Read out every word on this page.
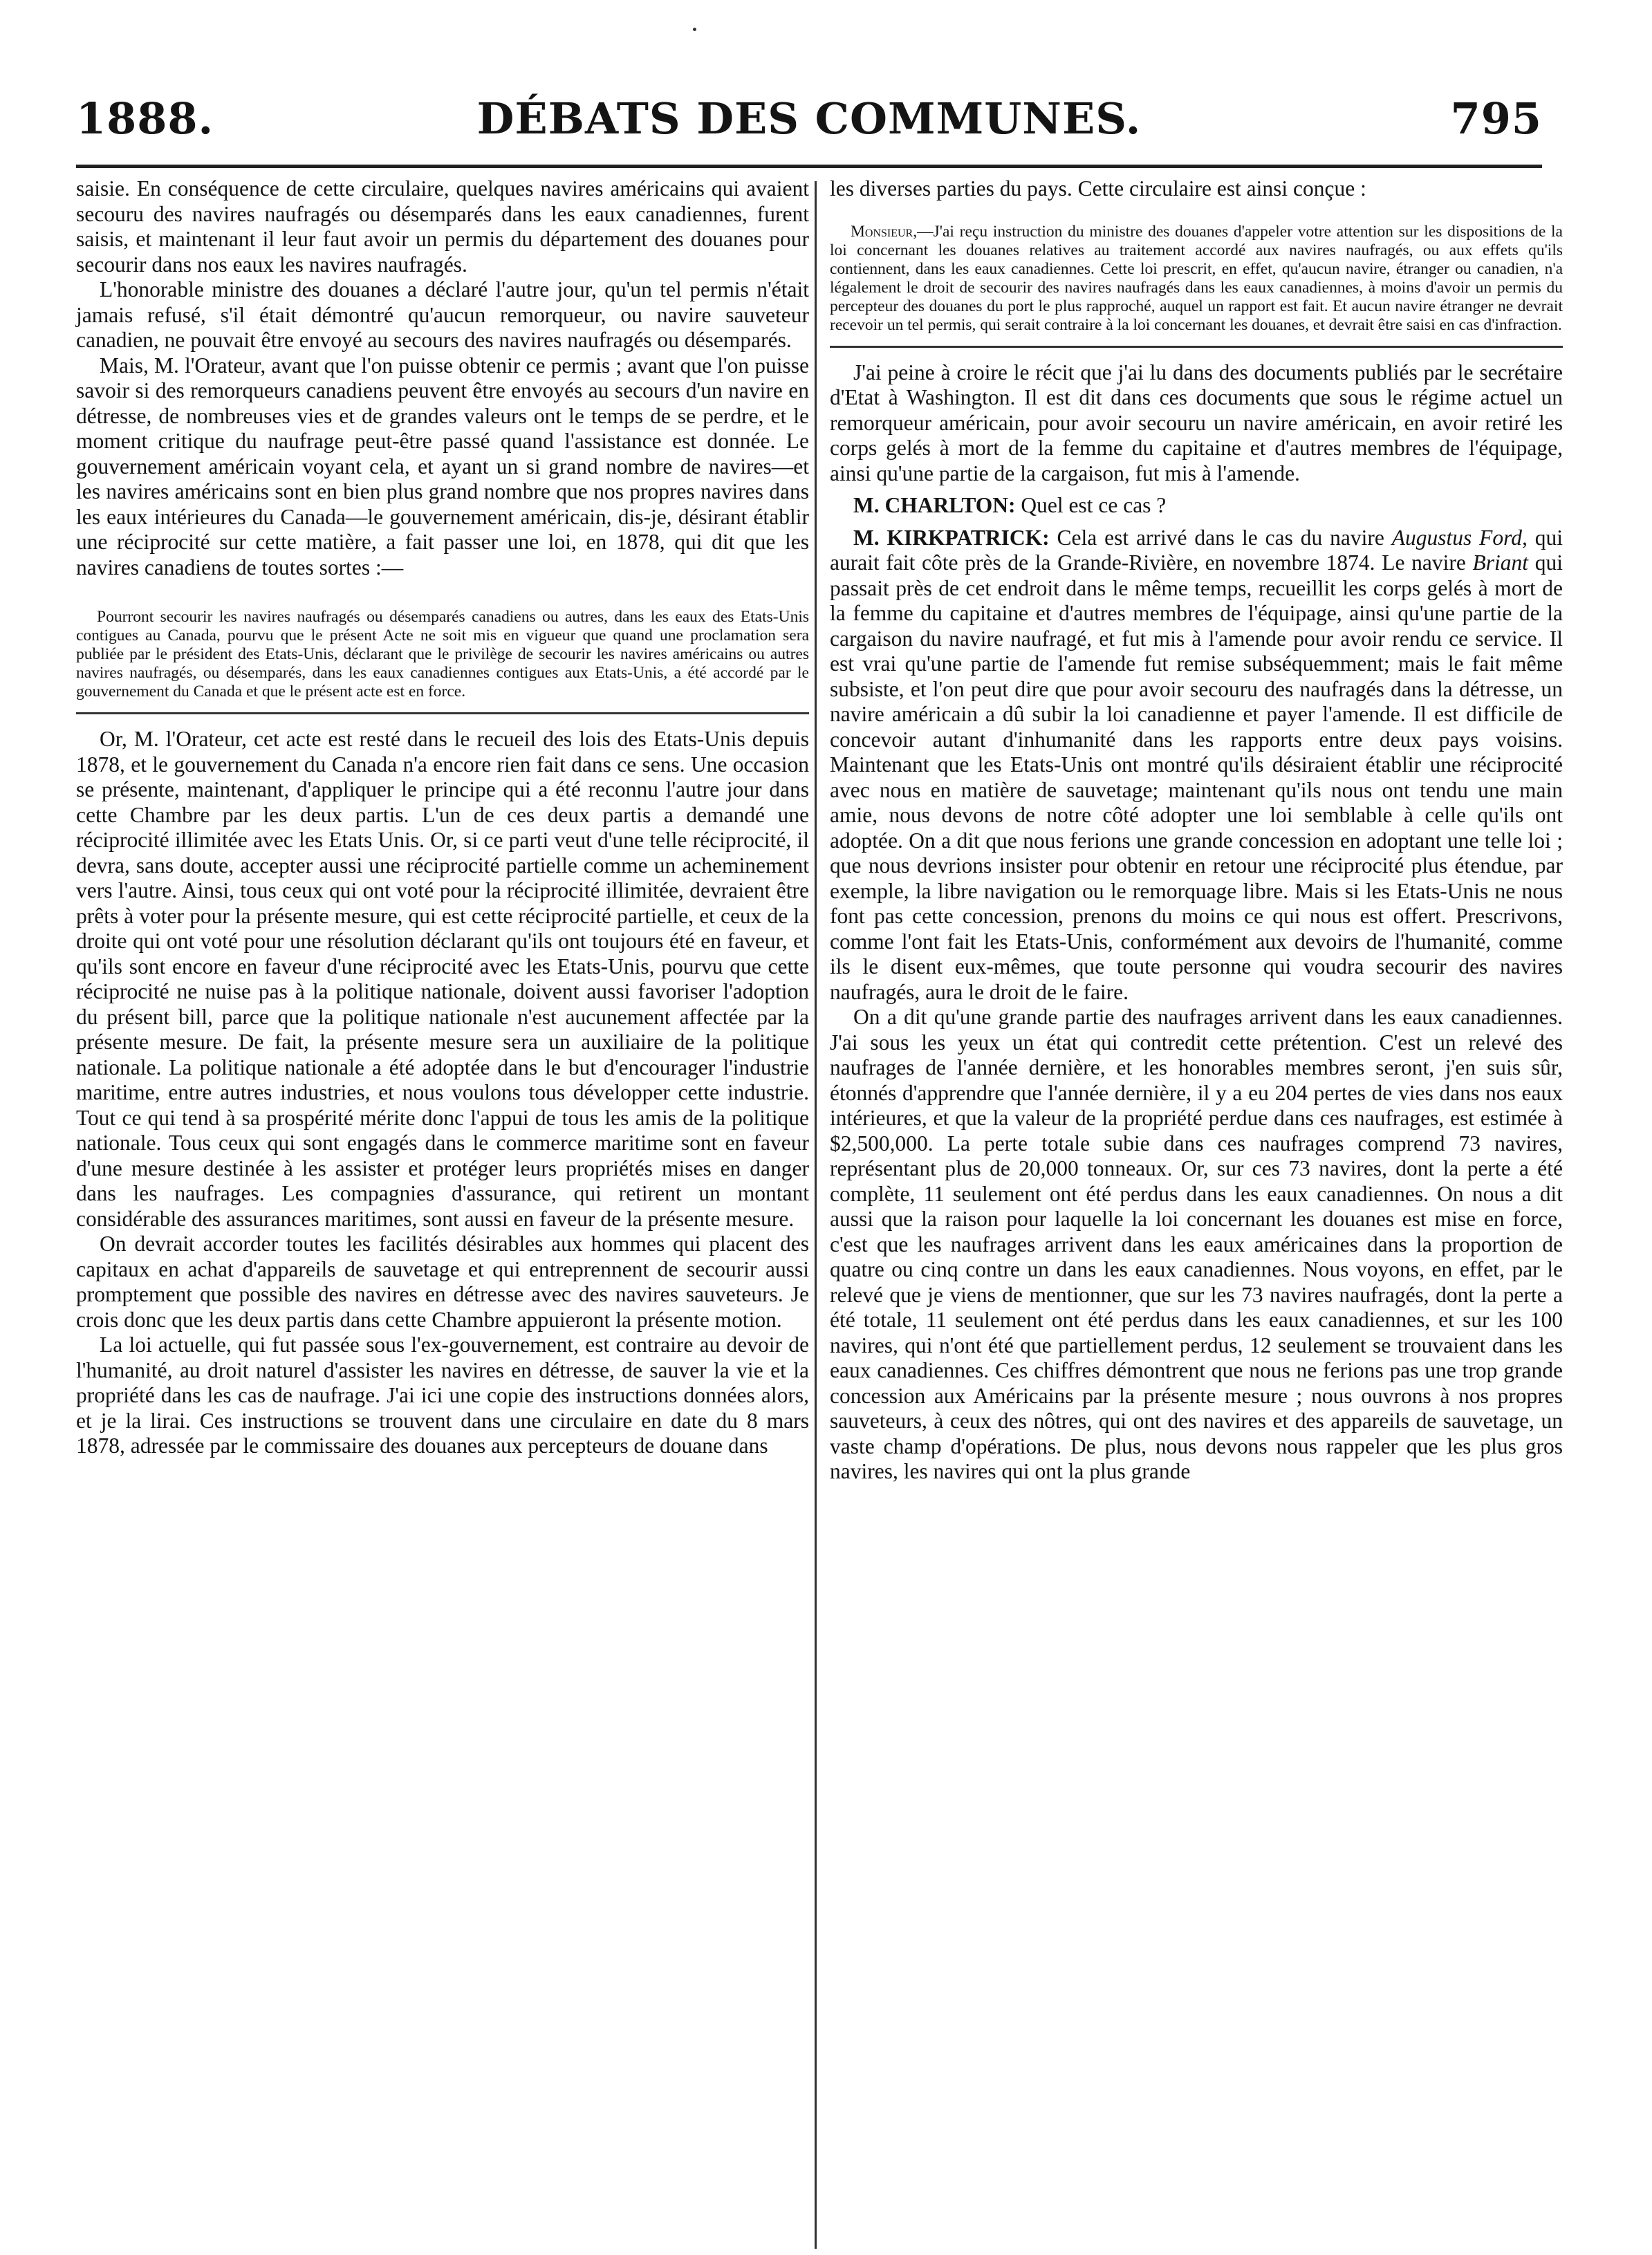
1888.	DÉBATS DES COMMUNES.	795

saisie. En conséquence de cette circulaire, quelques navires américains qui avaient secouru des navires naufragés ou désemparés dans les eaux canadiennes, furent saisis, et maintenant il leur faut avoir un permis du département des douanes pour secourir dans nos eaux les navires naufragés.

L'honorable ministre des douanes a déclaré l'autre jour, qu'un tel permis n'était jamais refusé, s'il était démontré qu'aucun remorqueur, ou navire sauveteur canadien, ne pouvait être envoyé au secours des navires naufragés ou désemparés.

Mais, M. l'Orateur, avant que l'on puisse obtenir ce permis ; avant que l'on puisse savoir si des remorqueurs canadiens peuvent être envoyés au secours d'un navire en détresse, de nombreuses vies et de grandes valeurs ont le temps de se perdre, et le moment critique du naufrage peut-être passé quand l'assistance est donnée. Le gouvernement américain voyant cela, et ayant un si grand nombre de navires—et les navires américains sont en bien plus grand nombre que nos propres navires dans les eaux intérieures du Canada—le gouvernement américain, dis-je, désirant établir une réciprocité sur cette matière, a fait passer une loi, en 1878, qui dit que les navires canadiens de toutes sortes :—

Pourront secourir les navires naufragés ou désemparés canadiens ou autres, dans les eaux des Etats-Unis contigues au Canada, pourvu que le présent Acte ne soit mis en vigueur que quand une proclamation sera publiée par le président des Etats-Unis, déclarant que le privilège de secourir les navires américains ou autres navires naufragés, ou désemparés, dans les eaux canadiennes contigues aux Etats-Unis, a été accordé par le gouvernement du Canada et que le présent acte est en force.

Or, M. l'Orateur, cet acte est resté dans le recueil des lois des Etats-Unis depuis 1878, et le gouvernement du Canada n'a encore rien fait dans ce sens. Une occasion se présente, maintenant, d'appliquer le principe qui a été reconnu l'autre jour dans cette Chambre par les deux partis. L'un de ces deux partis a demandé une réciprocité illimitée avec les Etats Unis. Or, si ce parti veut d'une telle réciprocité, il devra, sans doute, accepter aussi une réciprocité partielle comme un acheminement vers l'autre. Ainsi, tous ceux qui ont voté pour la réciprocité illimitée, devraient être prêts à voter pour la présente mesure, qui est cette réciprocité partielle, et ceux de la droite qui ont voté pour une résolution déclarant qu'ils ont toujours été en faveur, et qu'ils sont encore en faveur d'une réciprocité avec les Etats-Unis, pourvu que cette réciprocité ne nuise pas à la politique nationale, doivent aussi favoriser l'adoption du présent bill, parce que la politique nationale n'est aucunement affectée par la présente mesure. De fait, la présente mesure sera un auxiliaire de la politique nationale. La politique nationale a été adoptée dans le but d'encourager l'industrie maritime, entre autres industries, et nous voulons tous développer cette industrie. Tout ce qui tend à sa prospérité mérite donc l'appui de tous les amis de la politique nationale. Tous ceux qui sont engagés dans le commerce maritime sont en faveur d'une mesure destinée à les assister et protéger leurs propriétés mises en danger dans les naufrages. Les compagnies d'assurance, qui retirent un montant considérable des assurances maritimes, sont aussi en faveur de la présente mesure.

On devrait accorder toutes les facilités désirables aux hommes qui placent des capitaux en achat d'appareils de sauvetage et qui entreprennent de secourir aussi promptement que possible des navires en détresse avec des navires sauveteurs. Je crois donc que les deux partis dans cette Chambre appuieront la présente motion.

La loi actuelle, qui fut passée sous l'ex-gouvernement, est contraire au devoir de l'humanité, au droit naturel d'assister les navires en détresse, de sauver la vie et la propriété dans les cas de naufrage. J'ai ici une copie des instructions données alors, et je la lirai. Ces instructions se trouvent dans une circulaire en date du 8 mars 1878, adressée par le commissaire des douanes aux percepteurs de douane dans

les diverses parties du pays. Cette circulaire est ainsi conçue :

Monsieur,—J'ai reçu instruction du ministre des douanes d'appeler votre attention sur les dispositions de la loi concernant les douanes relatives au traitement accordé aux navires naufragés, ou aux effets qu'ils contiennent, dans les eaux canadiennes. Cette loi prescrit, en effet, qu'aucun navire, étranger ou canadien, n'a légalement le droit de secourir des navires naufragés dans les eaux canadiennes, à moins d'avoir un permis du percepteur des douanes du port le plus rapproché, auquel un rapport est fait. Et aucun navire étranger ne devrait recevoir un tel permis, qui serait contraire à la loi concernant les douanes, et devrait être saisi en cas d'infraction.

J'ai peine à croire le récit que j'ai lu dans des documents publiés par le secrétaire d'Etat à Washington. Il est dit dans ces documents que sous le régime actuel un remorqueur américain, pour avoir secouru un navire américain, en avoir retiré les corps gelés à mort de la femme du capitaine et d'autres membres de l'équipage, ainsi qu'une partie de la cargaison, fut mis à l'amende.

M. CHARLTON: Quel est ce cas ?

M. KIRKPATRICK: Cela est arrivé dans le cas du navire Augustus Ford, qui aurait fait côte près de la Grande-Rivière, en novembre 1874. Le navire Briant qui passait près de cet endroit dans le même temps, recueillit les corps gelés à mort de la femme du capitaine et d'autres membres de l'équipage, ainsi qu'une partie de la cargaison du navire naufragé, et fut mis à l'amende pour avoir rendu ce service. Il est vrai qu'une partie de l'amende fut remise subséquemment; mais le fait même subsiste, et l'on peut dire que pour avoir secouru des naufragés dans la détresse, un navire américain a dû subir la loi canadienne et payer l'amende. Il est difficile de concevoir autant d'inhumanité dans les rapports entre deux pays voisins. Maintenant que les Etats-Unis ont montré qu'ils désiraient établir une réciprocité avec nous en matière de sauvetage; maintenant qu'ils nous ont tendu une main amie, nous devons de notre côté adopter une loi semblable à celle qu'ils ont adoptée. On a dit que nous ferions une grande concession en adoptant une telle loi ; que nous devrions insister pour obtenir en retour une réciprocité plus étendue, par exemple, la libre navigation ou le remorquage libre. Mais si les Etats-Unis ne nous font pas cette concession, prenons du moins ce qui nous est offert. Prescrivons, comme l'ont fait les Etats-Unis, conformément aux devoirs de l'humanité, comme ils le disent eux-mêmes, que toute personne qui voudra secourir des navires naufragés, aura le droit de le faire.

On a dit qu'une grande partie des naufrages arrivent dans les eaux canadiennes. J'ai sous les yeux un état qui contredit cette prétention. C'est un relevé des naufrages de l'année dernière, et les honorables membres seront, j'en suis sûr, étonnés d'apprendre que l'année dernière, il y a eu 204 pertes de vies dans nos eaux intérieures, et que la valeur de la propriété perdue dans ces naufrages, est estimée à $2,500,000. La perte totale subie dans ces naufrages comprend 73 navires, représentant plus de 20,000 tonneaux. Or, sur ces 73 navires, dont la perte a été complète, 11 seulement ont été perdus dans les eaux canadiennes. On nous a dit aussi que la raison pour laquelle la loi concernant les douanes est mise en force, c'est que les naufrages arrivent dans les eaux américaines dans la proportion de quatre ou cinq contre un dans les eaux canadiennes. Nous voyons, en effet, par le relevé que je viens de mentionner, que sur les 73 navires naufragés, dont la perte a été totale, 11 seulement ont été perdus dans les eaux canadiennes, et sur les 100 navires, qui n'ont été que partiellement perdus, 12 seulement se trouvaient dans les eaux canadiennes. Ces chiffres démontrent que nous ne ferions pas une trop grande concession aux Américains par la présente mesure ; nous ouvrons à nos propres sauveteurs, à ceux des nôtres, qui ont des navires et des appareils de sauvetage, un vaste champ d'opérations. De plus, nous devons nous rappeler que les plus gros navires, les navires qui ont la plus grande
